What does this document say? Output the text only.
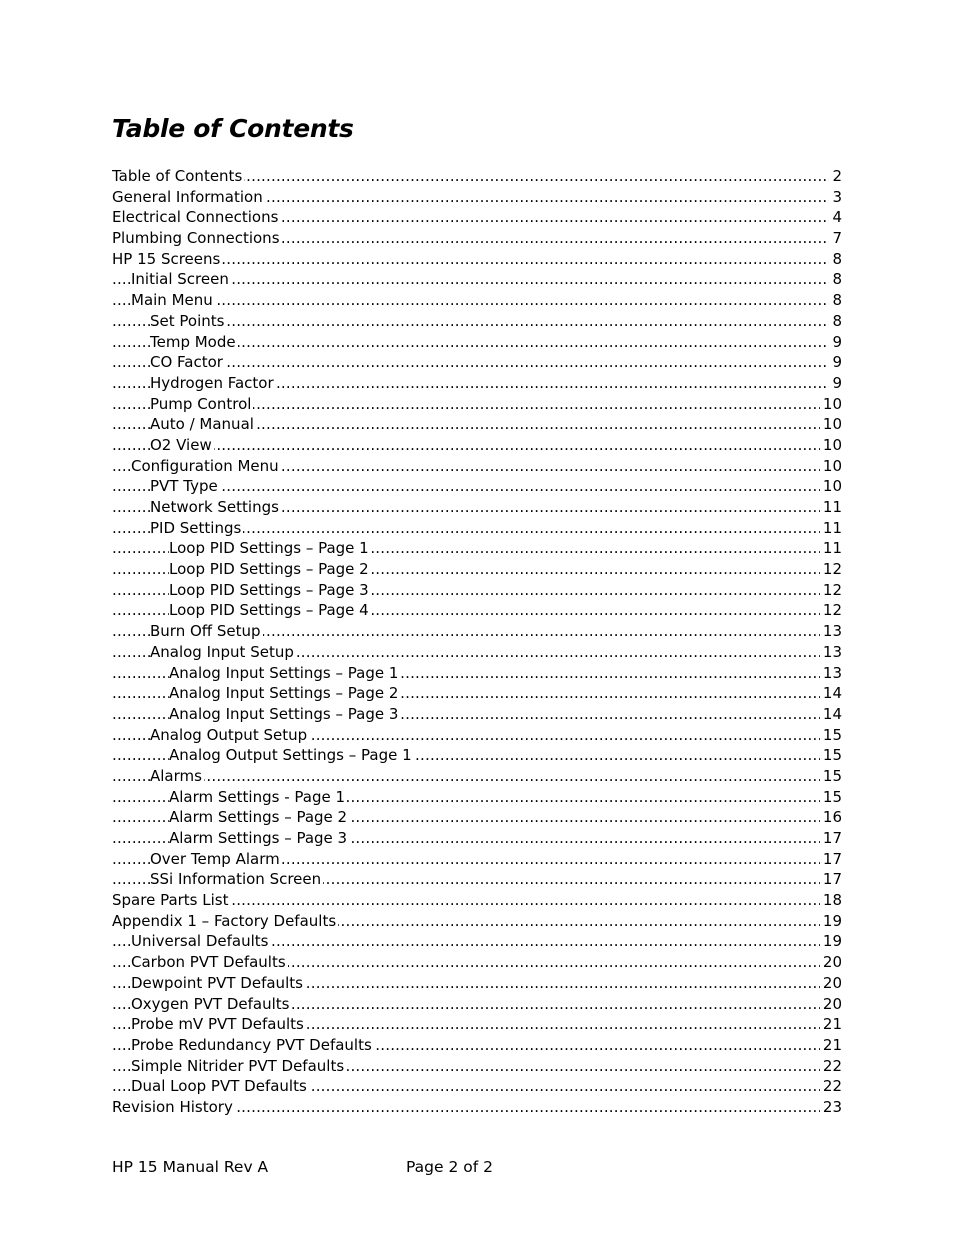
Table of Contents
..... Table of Contents	2
..... General Information	3
..... Electrical Connections	4
..... Plumbing Connections	7
..... HP 15 Screens	8
..... Initial Screen	8
..... Main Menu	8
..... Set Points	8
..... Temp Mode	9
..... CO Factor	9
..... Hydrogen Factor	9
..... Pump Control	10
..... Auto / Manual	10
..... O2 View	10
..... Configuration Menu	10
..... PVT Type	10
..... Network Settings	11
..... PID Settings	11
..... Loop PID Settings – Page 1	11
..... Loop PID Settings – Page 2	12
..... Loop PID Settings – Page 3	12
..... Loop PID Settings – Page 4	12
..... Burn Off Setup	13
..... Analog Input Setup	13
..... Analog Input Settings – Page 1	13
..... Analog Input Settings – Page 2	14
..... Analog Input Settings – Page 3	14
..... Analog Output Setup	15
..... Analog Output Settings – Page 1	15
..... Alarms	15
..... Alarm Settings - Page 1	15
..... Alarm Settings – Page 2	16
..... Alarm Settings – Page 3	17
..... Over Temp Alarm	17
..... SSi Information Screen	17
..... Spare Parts List	18
..... Appendix 1 – Factory Defaults	19
..... Universal Defaults	19
..... Carbon PVT Defaults	20
..... Dewpoint PVT Defaults	20
..... Oxygen PVT Defaults	20
..... Probe mV PVT Defaults	21
..... Probe Redundancy PVT Defaults	21
..... Simple Nitrider PVT Defaults	22
..... Dual Loop PVT Defaults	22
..... Revision History	23
HP 15 Manual Rev A	Page 2 of 2
